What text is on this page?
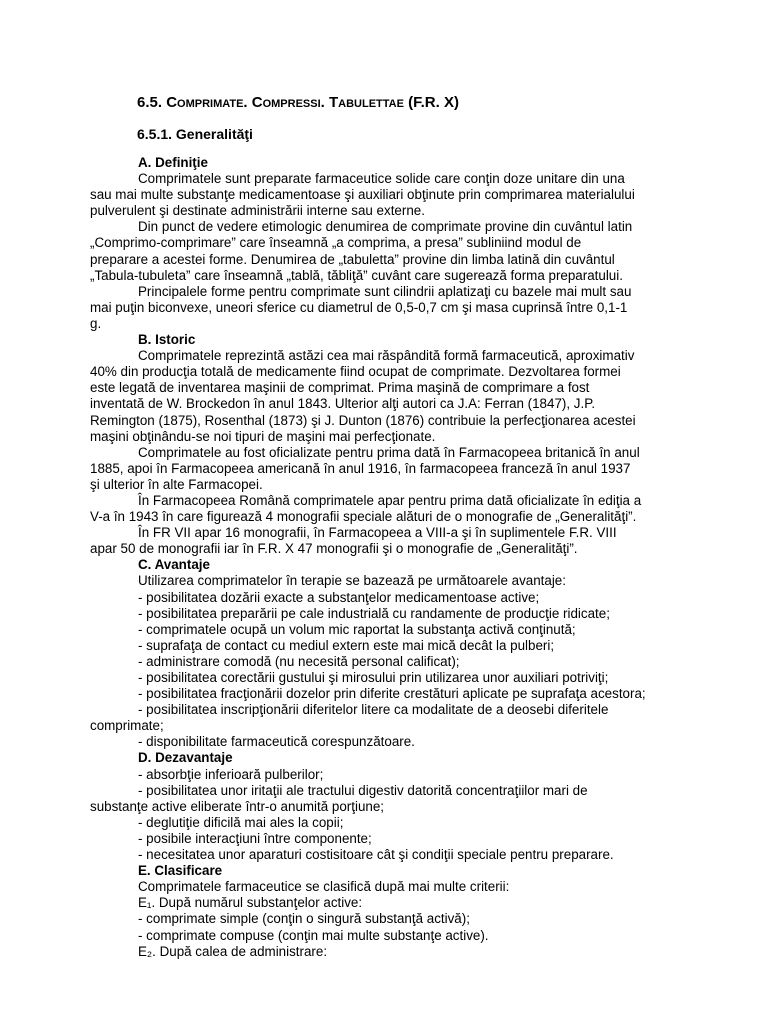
6.5. Comprimate. Compressi. Tabulettae (F.R. X)
6.5.1. Generalităţi
A. Definiţie
Comprimatele sunt preparate farmaceutice solide care conţin doze unitare din una
sau mai multe substanţe medicamentoase şi auxiliari obţinute prin comprimarea materialului
pulverulent şi destinate administrării interne sau externe.
Din punct de vedere etimologic denumirea de comprimate provine din cuvântul latin
„Comprimo-comprimare” care înseamnă „a comprima, a presa” subliniind modul de
preparare a acestei forme. Denumirea de „tabuletta” provine din limba latină din cuvântul
„Tabula-tubuleta” care înseamnă „tablă, tăbliţă” cuvânt care sugerează forma preparatului.
Principalele forme pentru comprimate sunt cilindrii aplatizaţi cu bazele mai mult sau
mai puţin biconvexe, uneori sferice cu diametrul de 0,5-0,7 cm şi masa cuprinsă între 0,1-1
g.
B. Istoric
Comprimatele reprezintă astăzi cea mai răspândită formă farmaceutică, aproximativ
40% din producţia totală de medicamente fiind ocupat de comprimate. Dezvoltarea formei
este legată de inventarea maşinii de comprimat. Prima maşină de comprimare a fost
inventată de W. Brockedon în anul 1843. Ulterior alţi autori ca J.A: Ferran (1847), J.P.
Remington (1875), Rosenthal (1873) şi J. Dunton (1876) contribuie la perfecţionarea acestei
maşini obţinându-se noi tipuri de maşini mai perfecţionate.
Comprimatele au fost oficializate pentru prima dată în Farmacopeea britanică în anul
1885, apoi în Farmacopeea americană în anul 1916, în farmacopeea franceză în anul 1937
şi ulterior în alte Farmacopei.
În Farmacopeea Română comprimatele apar pentru prima dată oficializate în ediţia a
V-a în 1943 în care figurează 4 monografii speciale alături de o monografie de „Generalităţi”.
În FR VII apar 16 monografii, în Farmacopeea a VIII-a şi în suplimentele F.R. VIII
apar 50 de monografii iar în F.R. X 47 monografii şi o monografie de „Generalităţi”.
C. Avantaje
Utilizarea comprimatelor în terapie se bazează pe următoarele avantaje:
- posibilitatea dozării exacte a substanţelor medicamentoase active;
- posibilitatea preparării pe cale industrială cu randamente de producţie ridicate;
- comprimatele ocupă un volum mic raportat la substanţa activă conţinută;
- suprafaţa de contact cu mediul extern este mai mică decât la pulberi;
- administrare comodă (nu necesită personal calificat);
- posibilitatea corectării gustului şi mirosului prin utilizarea unor auxiliari potriviţi;
- posibilitatea fracţionării dozelor prin diferite crestături aplicate pe suprafaţa acestora;
- posibilitatea inscripţionării diferitelor litere ca modalitate de a deosebi diferitele
comprimate;
- disponibilitate farmaceutică corespunzătoare.
D. Dezavantaje
- absorbţie inferioară pulberilor;
- posibilitatea unor iritaţii ale tractului digestiv datorită concentraţiilor mari de
substanţe active eliberate într-o anumită porţiune;
- deglutiţie dificilă mai ales la copii;
- posibile interacţiuni între componente;
- necesitatea unor aparaturi costisitoare cât şi condiţii speciale pentru preparare.
E. Clasificare
Comprimatele farmaceutice se clasifică după mai multe criterii:
E₁. După numărul substanţelor active:
- comprimate simple (conţin o singură substanţă activă);
- comprimate compuse (conţin mai multe substanţe active).
E₂. După calea de administrare:
